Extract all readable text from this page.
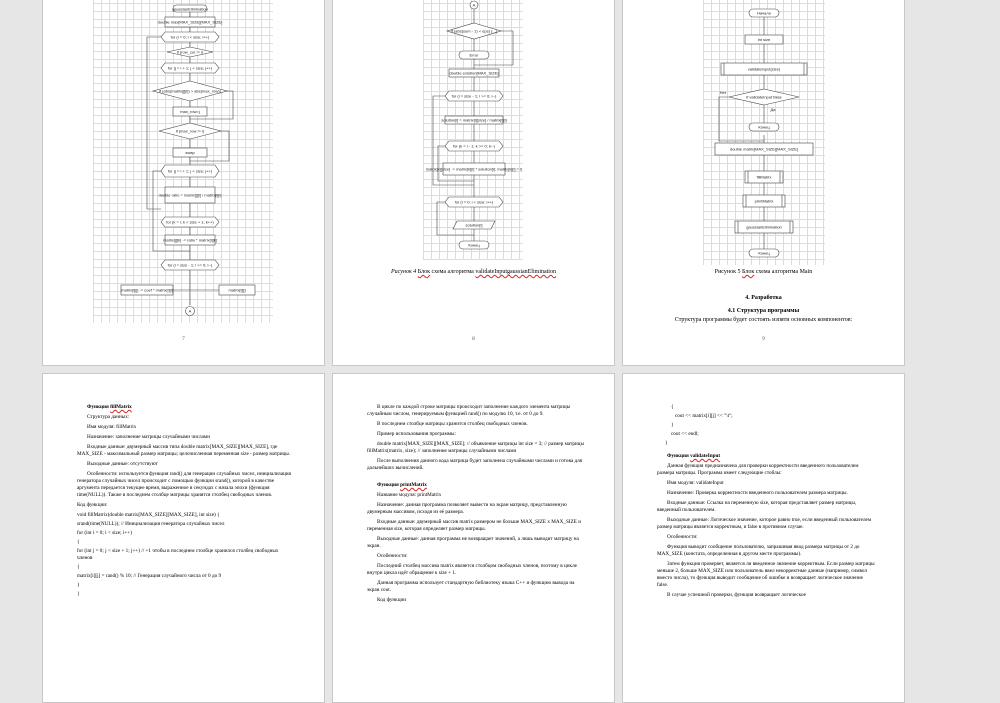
gaussianElimination
double max[MAX_SIZE][MAX_SIZE]
for (i = 0; i < size; i++)
if (row_cur != i)
for (j = i + 1; j < size; j++)
if (abs(matrix[j][i]) > abs(max_row))
max_row=j
if (max_row != i)
swap
for (j = i + 1; j < size; j++)
double ratio = matrix[j][i] / matrix[i][i]
for (k = i; k < size + 1; k++)
matrix[j][k] -= ratio * matrix[i][k]
for (i = size - 1; i >= 0; i--)
matrix[i][j] -= coef * matrix[i][i]	matrix[i][j]
A
7
A
if (abs(sum - 1) < eps) {...}
Error
double solution[MAX_SIZE]
for (i = size - 1; i >= 0; i--)
solution[i] = matrix[i][size] / matrix[i][i]
for (k = i - 1; k >= 0; k--)
matrix[k][size] -= matrix[k][i] * solution[i]; matrix[k][i] = 0
for (i = 0; i < size; i++)
solution[i]
Конец
Рисунок 4 Блок схема алгоритма validateInputgaussianElimination
8
Начало
int size
validateInput(size)
if validateInput false
Нет
Да
Конец
double matrix[MAX_SIZE][MAX_SIZE]
fillMatrix
printMatrix
gaussianElimination
Конец
Рисунок 5 Блок схема алгоритма Main
4. Разработка
4.1 Структура программы
Структура программы будет состоять изпяти основных компонентов:
9

Функция fillMatrix

Структура данных:

Имя модуля: fillMatrix

Назначение: заполнение матрицы случайными числами

Входные данные: двумерный массив типа double matrix[MAX_SIZE][MAX_SIZE], где MAX_SIZE - максимальный размер матрицы; целочисленная переменная size - размер матрицы.

Выходные данные: отсутствуют

Особенности: используется функция rand() для генерации случайных чисел, инициализация генератора случайных чисел происходит с помощью функции srand(), которой в качестве аргумента передается текущее время, выраженное в секундах с начала эпохи (функция time(NULL)). Также в последнем столбце матрицы хранятся столбец свободных членов.

Код функции:

void fillMatrix(double matrix[MAX_SIZE][MAX_SIZE], int size) {

srand(time(NULL)); // Инициализация генератора случайных чисел

for (int i = 0; i < size; i++)

{

for (int j = 0; j < size + 1; j++) // +1 чтобы в последнем столбце хранился столбец свободных членов

{

matrix[i][j] = rand() % 10; // Генерация случайного числа от 0 до 9

}

}

В цикле по каждой строке матрицы происходит заполнение каждого элемента матрицы случайным числом, генерируемым функцией rand() по модулю 10, т.е. от 0 до 9.

В последнем столбце матрицы хранится столбец свободных членов.

Пример использования программы:

double matrix[MAX_SIZE][MAX_SIZE]; // объявление матрицы int size = 3; // размер матрицы fillMatrix(matrix, size); // заполнение матрицы случайными числами

После выполнения данного кода матрица будет заполнена случайными числами и готова для дальнейших вычислений.

Функция printMatrix

Название модуля: printMatrix

Назначение: данная программа позволяет вывести на экран матрицу, представленную двумерным массивом, исходя из её размера.

Входные данные: двумерный массив matrix размером не больше MAX_SIZE x MAX_SIZE и переменная size, которая определяет размер матрицы.

Выходные данные: данная программа не возвращает значений, а лишь выводит матрицу на экран.

Особенности:

Последний столбец массива matrix является столбцом свободных членов, поэтому в цикле внутри цикла идёт обращение к size + 1.

Данная программа использует стандартную библиотеку языка C++ и функцию вывода на экран cout.

Код функции

{

cout << matrix[i][j] << "\t";

}

cout << endl;

}

Функция validateInput

Данная функция предназначена для проверки корректности введенного пользователем размера матрицы. Программа имеет следующие стоблы:

Имя модуля: validateInput

Назначение: Проверка корректности введенного пользователем размера матрицы.

Входные данные: Ссылка на переменную size, которая представляет размер матрицы, введенный пользователем.

Выходные данные: Логическое значение, которое равно true, если введенный пользователем размер матрицы является корректным, и false в противном случае.

Особенности:

Функция выводит сообщение пользователю, запрашивая ввод размера матрицы от 2 до MAX_SIZE (констата, определенная в другом месте программы).

Затем функция проверяет, является ли введенное значение корректным. Если размер матрицы меньше 2, больше MAX_SIZE или пользователь ввел некорректные данные (например, символ вместо числа), то функция выводит сообщение об ошибке и возвращает логическое значение false.

В случае успешной проверки, функция возвращает логическое
